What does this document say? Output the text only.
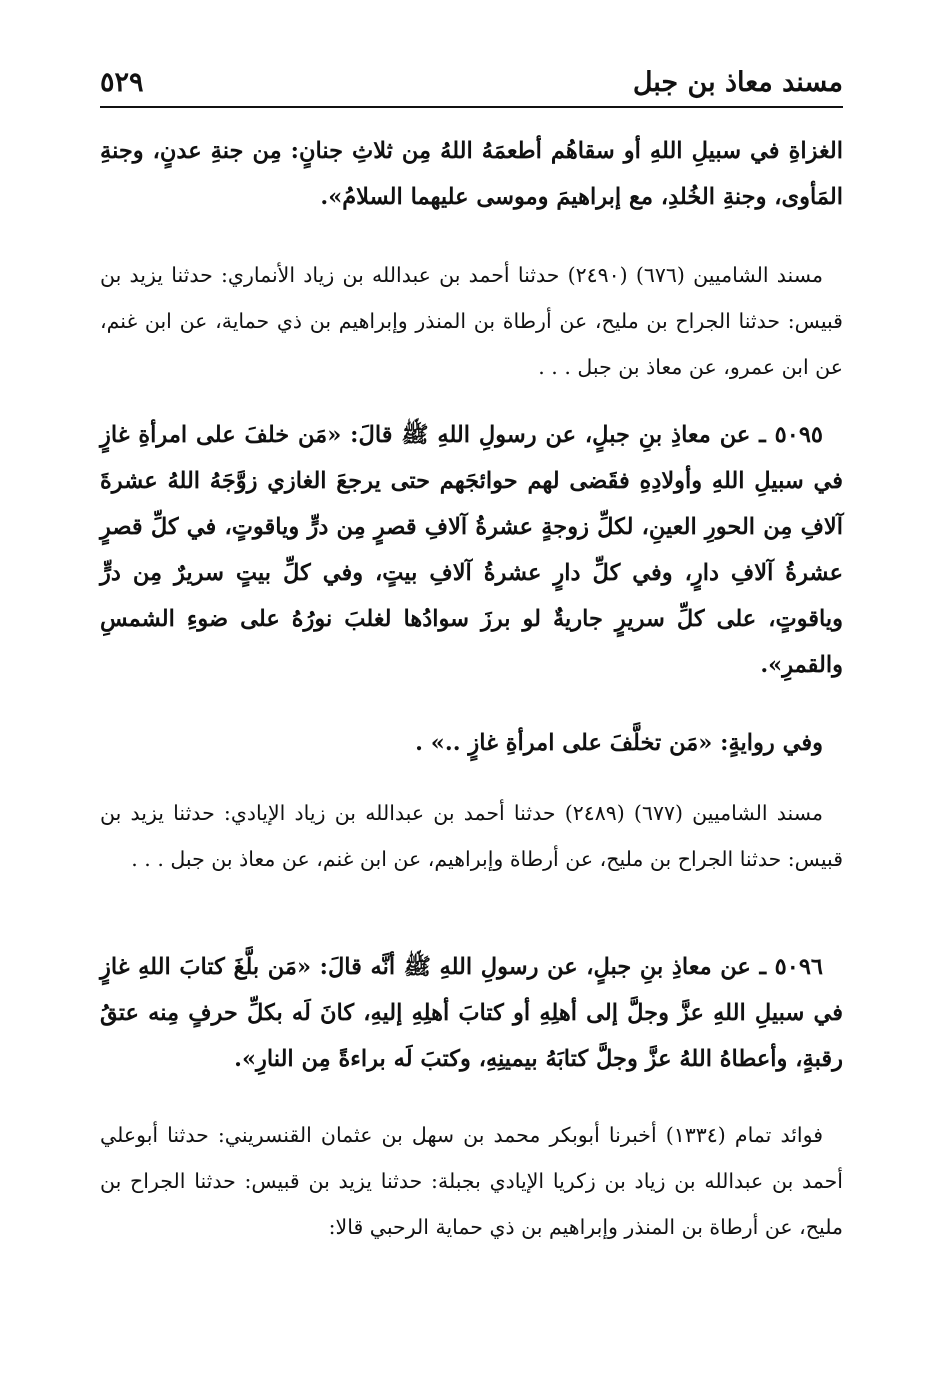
مسند معاذ بن جبل
٥٢٩

الغزاةِ في سبيلِ اللهِ أو سقاهُم أطعمَهُ اللهُ مِن ثلاثِ جنانٍ: مِن جنةِ عدنٍ، وجنةِ المَأوى، وجنةِ الخُلدِ، مع إبراهيمَ وموسى عليهما السلامُ».

مسند الشاميين (٦٧٦) (٢٤٩٠) حدثنا أحمد بن عبدالله بن زياد الأنماري: حدثنا يزيد بن قبيس: حدثنا الجراح بن مليح، عن أرطاة بن المنذر وإبراهيم بن ذي حماية، عن ابن غنم، عن ابن عمرو، عن معاذ بن جبل . . .

٥٠٩٥ ـ عن معاذِ بنِ جبلٍ، عن رسولِ اللهِ ﷺ قالَ: «مَن خلفَ على امرأةِ غازٍ في سبيلِ اللهِ وأولادِهِ فقَضى لهم حوائجَهم حتى يرجعَ الغازي زوَّجَهُ اللهُ عشرةَ آلافِ مِن الحورِ العينِ، لكلِّ زوجةٍ عشرةُ آلافِ قصرٍ مِن درٍّ وياقوتٍ، في كلِّ قصرٍ عشرةُ آلافِ دارٍ، وفي كلِّ دارٍ عشرةُ آلافِ بيتٍ، وفي كلِّ بيتٍ سريرٌ مِن درٍّ وياقوتٍ، على كلِّ سريرٍ جاريةٌ لو برزَ سوادُها لغلبَ نورُهُ على ضوءِ الشمسِ والقمرِ».

وفي روايةٍ: «مَن تخلَّفَ على امرأةِ غازٍ ..» .

مسند الشاميين (٦٧٧) (٢٤٨٩) حدثنا أحمد بن عبدالله بن زياد الإيادي: حدثنا يزيد بن قبيس: حدثنا الجراح بن مليح، عن أرطاة وإبراهيم، عن ابن غنم، عن معاذ بن جبل . . .

٥٠٩٦ ـ عن معاذِ بنِ جبلٍ، عن رسولِ اللهِ ﷺ أنَّه قالَ: «مَن بلَّغَ كتابَ اللهِ غازٍ في سبيلِ اللهِ عزَّ وجلَّ إلى أهلِهِ أو كتابَ أهلِهِ إليهِ، كانَ لَه بكلِّ حرفٍ مِنه عتقُ رقبةٍ، وأعطاهُ اللهُ عزَّ وجلَّ كتابَهُ بيمينِهِ، وكتبَ لَه براءةً مِن النارِ».

فوائد تمام (١٣٣٤) أخبرنا أبوبكر محمد بن سهل بن عثمان القنسريني: حدثنا أبوعلي أحمد بن عبدالله بن زياد بن زكريا الإيادي بجبلة: حدثنا يزيد بن قبيس: حدثنا الجراح بن مليح، عن أرطاة بن المنذر وإبراهيم بن ذي حماية الرحبي قالا:
